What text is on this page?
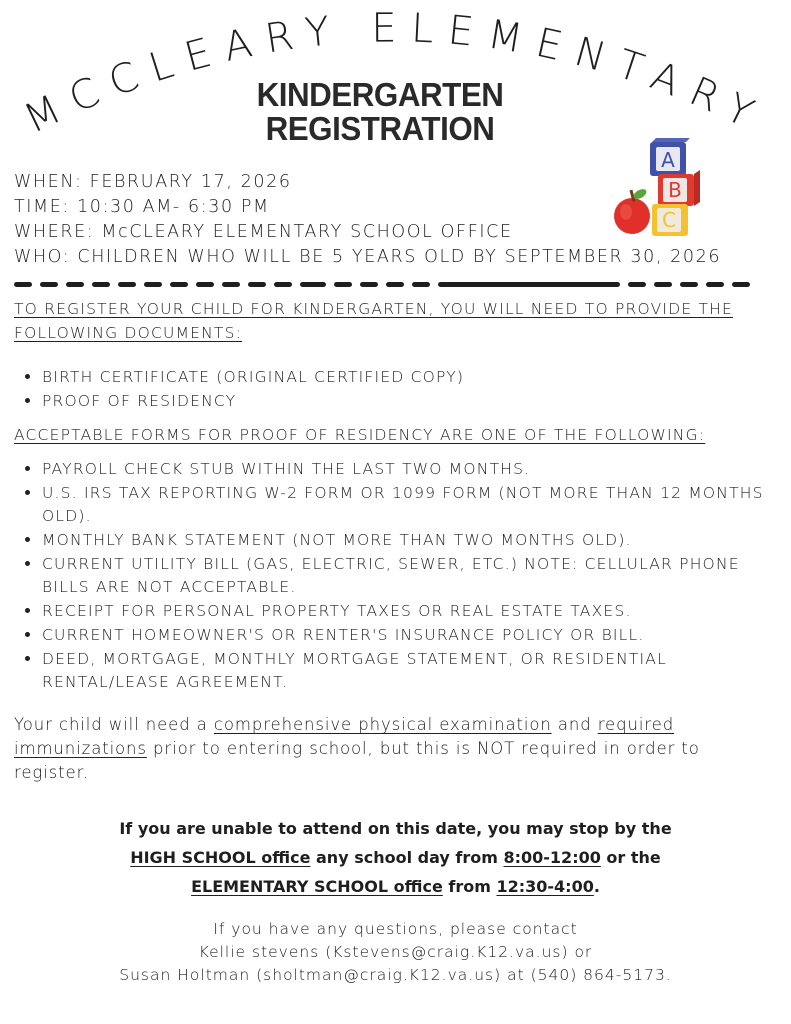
MCCLEARY ELEMENTARY
KINDERGARTEN
REGISTRATION
A
B
C
WHEN: FEBRUARY 17, 2026
TIME: 10:30 AM- 6:30 PM
WHERE: McCLEARY ELEMENTARY SCHOOL OFFICE
WHO: CHILDREN WHO WILL BE 5 YEARS OLD BY SEPTEMBER 30, 2026
TO REGISTER YOUR CHILD FOR KINDERGARTEN, YOU WILL NEED TO PROVIDE THE FOLLOWING DOCUMENTS:
• BIRTH CERTIFICATE (ORIGINAL CERTIFIED COPY)
• PROOF OF RESIDENCY
ACCEPTABLE FORMS FOR PROOF OF RESIDENCY ARE ONE OF THE FOLLOWING:
• PAYROLL CHECK STUB WITHIN THE LAST TWO MONTHS.
• U.S. IRS TAX REPORTING W-2 FORM OR 1099 FORM (NOT MORE THAN 12 MONTHS OLD).
• MONTHLY BANK STATEMENT (NOT MORE THAN TWO MONTHS OLD).
• CURRENT UTILITY BILL (GAS, ELECTRIC, SEWER, ETC.) NOTE: CELLULAR PHONE BILLS ARE NOT ACCEPTABLE.
• RECEIPT FOR PERSONAL PROPERTY TAXES OR REAL ESTATE TAXES.
• CURRENT HOMEOWNER'S OR RENTER'S INSURANCE POLICY OR BILL.
• DEED, MORTGAGE, MONTHLY MORTGAGE STATEMENT, OR RESIDENTIAL RENTAL/LEASE AGREEMENT.
Your child will need a comprehensive physical examination and required immunizations prior to entering school, but this is NOT required in order to register.
If you are unable to attend on this date, you may stop by the
HIGH SCHOOL office any school day from 8:00-12:00 or the
ELEMENTARY SCHOOL office from 12:30-4:00.
If you have any questions, please contact
Kellie stevens (Kstevens@craig.K12.va.us) or
Susan Holtman (sholtman@craig.K12.va.us) at (540) 864-5173.
